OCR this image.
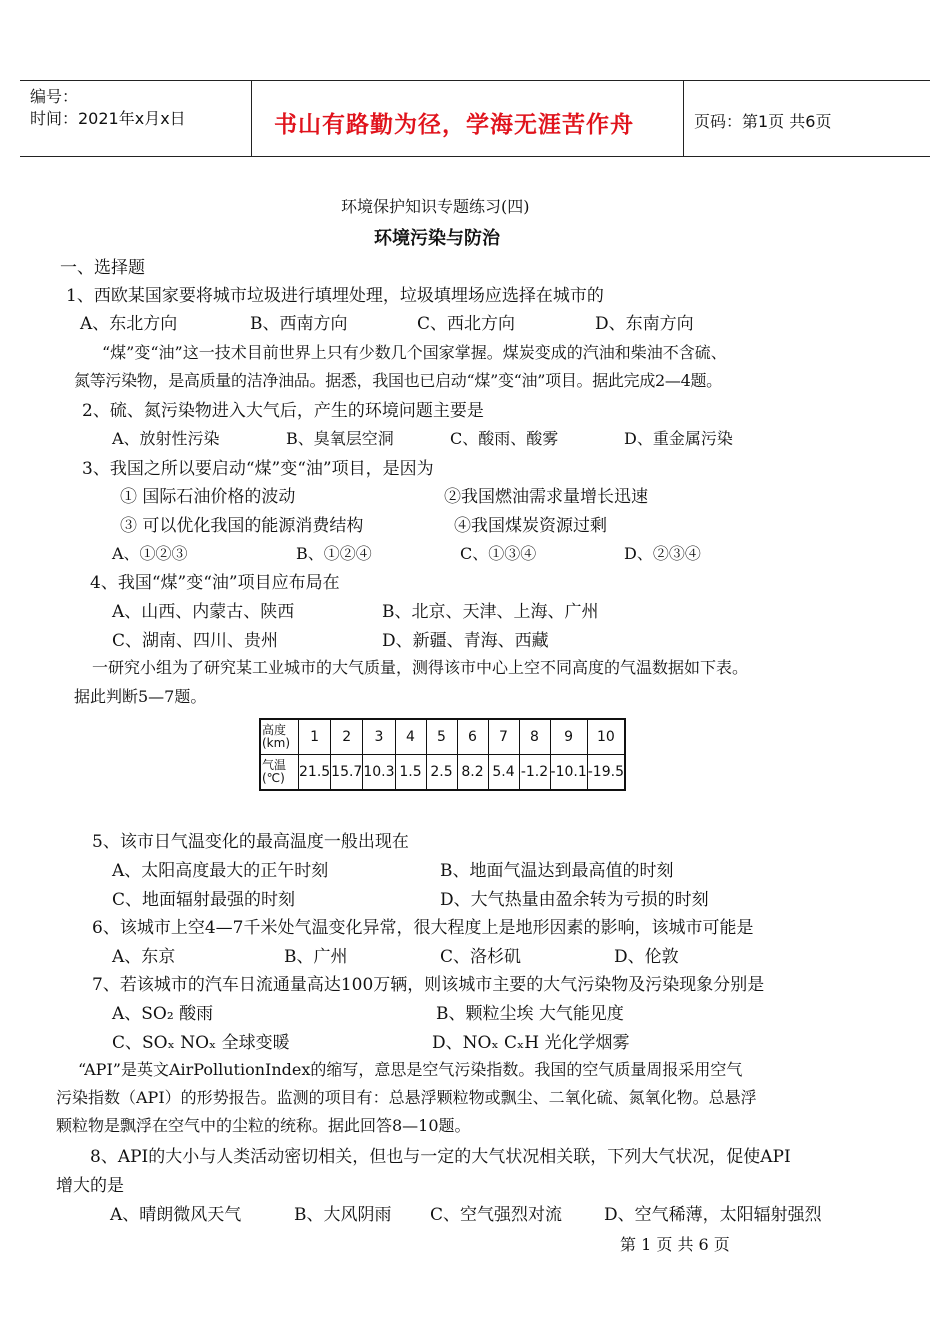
编号：
时间：2021年x月x日	书山有路勤为径，学海无涯苦作舟	页码：第1页 共6页
环境保护知识专题练习(四)
环境污染与防治
一、选择题
1、西欧某国家要将城市垃圾进行填埋处理，垃圾填埋场应选择在城市的
A、东北方向	B、西南方向	C、西北方向	D、东南方向
“煤”变“油”这一技术目前世界上只有少数几个国家掌握。煤炭变成的汽油和柴油不含硫、
氮等污染物，是高质量的洁净油品。据悉，我国也已启动“煤”变“油”项目。据此完成2—4题。
2、硫、氮污染物进入大气后，产生的环境问题主要是
A、放射性污染	B、臭氧层空洞	C、酸雨、酸雾	D、重金属污染
3、我国之所以要启动“煤”变“油”项目，是因为
① 国际石油价格的波动	②我国燃油需求量增长迅速
③ 可以优化我国的能源消费结构	④我国煤炭资源过剩
A、①②③	B、①②④	C、①③④	D、②③④
4、我国“煤”变“油”项目应布局在
A、山西、内蒙古、陕西	B、北京、天津、上海、广州
C、湖南、四川、贵州	D、新疆、青海、西藏
一研究小组为了研究某工业城市的大气质量，测得该市中心上空不同高度的气温数据如下表。
据此判断5—7题。
高度
(km)	1	2	3	4	5	6	7	8	9	10
气温
(℃)	21.5	15.7	10.3	1.5	2.5	8.2	5.4	-1.2	-10.1	-19.5
5、该市日气温变化的最高温度一般出现在
A、太阳高度最大的正午时刻	B、地面气温达到最高值的时刻
C、地面辐射最强的时刻	D、大气热量由盈余转为亏损的时刻
6、该城市上空4—7千米处气温变化异常，很大程度上是地形因素的影响，该城市可能是
A、东京	B、广州	C、洛杉矶	D、伦敦
7、若该城市的汽车日流通量高达100万辆，则该城市主要的大气污染物及污染现象分别是
A、SO₂ 酸雨	B、颗粒尘埃 大气能见度
C、SOₓ NOₓ 全球变暖	D、NOₓ CₓH 光化学烟雾
“API”是英文AirPollutionIndex的缩写，意思是空气污染指数。我国的空气质量周报采用空气
污染指数（API）的形势报告。监测的项目有：总悬浮颗粒物或飘尘、二氧化硫、氮氧化物。总悬浮
颗粒物是飘浮在空气中的尘粒的统称。据此回答8—10题。
8、API的大小与人类活动密切相关，但也与一定的大气状况相关联，下列大气状况，促使API
增大的是
A、晴朗微风天气	B、大风阴雨 C、空气强烈对流 D、空气稀薄，太阳辐射强烈
第 1 页 共 6 页
